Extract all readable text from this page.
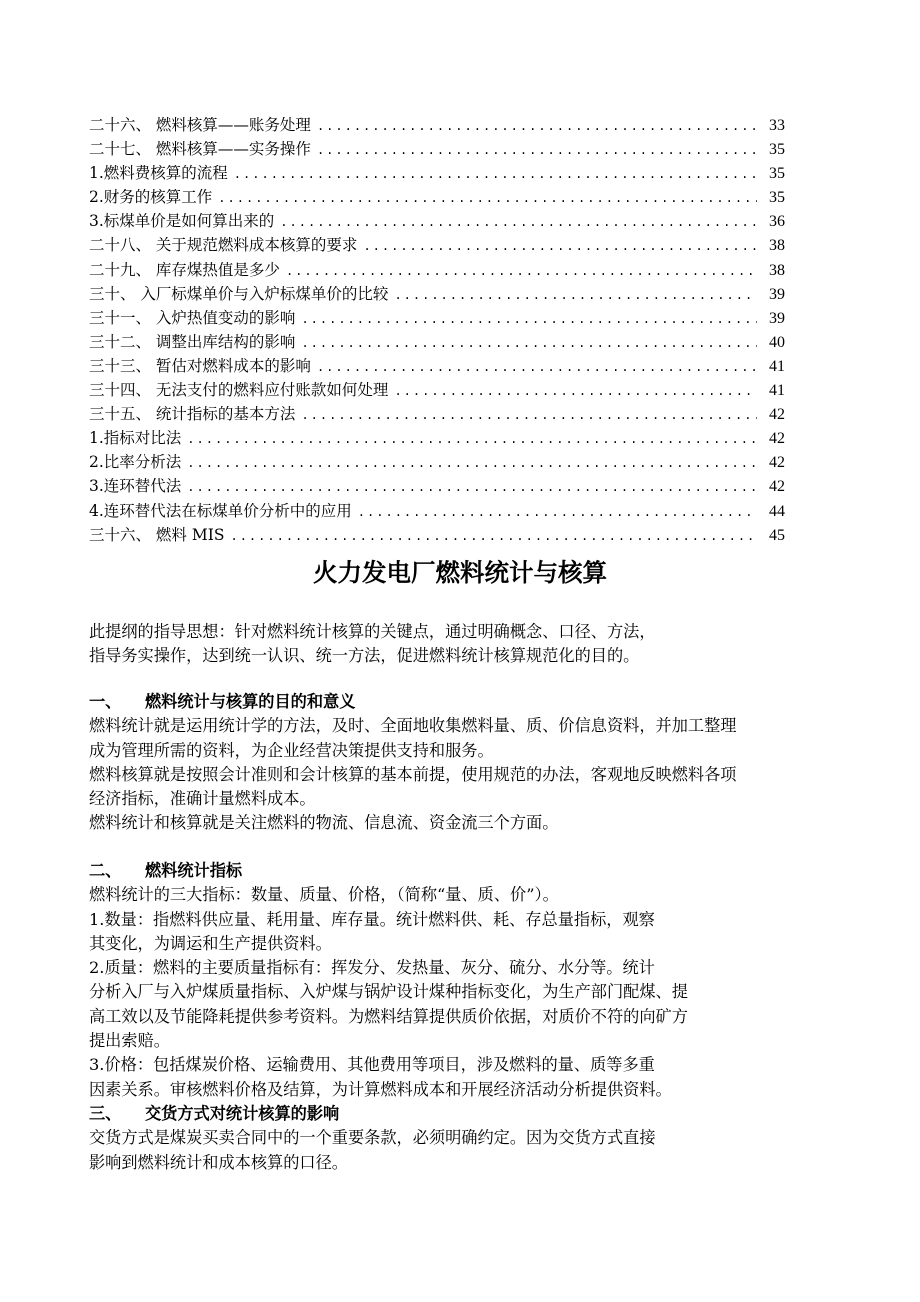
二十六、 燃料核算——账务处理 .....	33
二十七、 燃料核算——实务操作 .....	35
1.燃料费核算的流程 .....	35
2.财务的核算工作 .....	35
3.标煤单价是如何算出来的 .....	36
二十八、 关于规范燃料成本核算的要求 .....	38
二十九、 库存煤热值是多少 .....	38
三十、 入厂标煤单价与入炉标煤单价的比较 .....	39
三十一、 入炉热值变动的影响 .....	39
三十二、 调整出库结构的影响 .....	40
三十三、 暂估对燃料成本的影响 .....	41
三十四、 无法支付的燃料应付账款如何处理 .....	41
三十五、 统计指标的基本方法 .....	42
1.指标对比法 .....	42
2.比率分析法 .....	42
3.连环替代法 .....	42
4.连环替代法在标煤单价分析中的应用 .....	44
三十六、 燃料 MIS .....	45
火力发电厂燃料统计与核算
此提纲的指导思想：针对燃料统计核算的关键点，通过明确概念、口径、方法，
指导务实操作，达到统一认识、统一方法，促进燃料统计核算规范化的目的。
一、 燃料统计与核算的目的和意义
燃料统计就是运用统计学的方法，及时、全面地收集燃料量、质、价信息资料，并加工整理
成为管理所需的资料，为企业经营决策提供支持和服务。
燃料核算就是按照会计准则和会计核算的基本前提，使用规范的办法，客观地反映燃料各项
经济指标，准确计量燃料成本。
燃料统计和核算就是关注燃料的物流、信息流、资金流三个方面。
二、 燃料统计指标
燃料统计的三大指标：数量、质量、价格，（简称“量、质、价”）。
1.数量：指燃料供应量、耗用量、库存量。统计燃料供、耗、存总量指标，观察
其变化，为调运和生产提供资料。
2.质量：燃料的主要质量指标有：挥发分、发热量、灰分、硫分、水分等。统计
分析入厂与入炉煤质量指标、入炉煤与锅炉设计煤种指标变化，为生产部门配煤、提
高工效以及节能降耗提供参考资料。为燃料结算提供质价依据，对质价不符的向矿方
提出索赔。
3.价格：包括煤炭价格、运输费用、其他费用等项目，涉及燃料的量、质等多重
因素关系。审核燃料价格及结算，为计算燃料成本和开展经济活动分析提供资料。
三、 交货方式对统计核算的影响
交货方式是煤炭买卖合同中的一个重要条款，必须明确约定。因为交货方式直接
影响到燃料统计和成本核算的口径。
